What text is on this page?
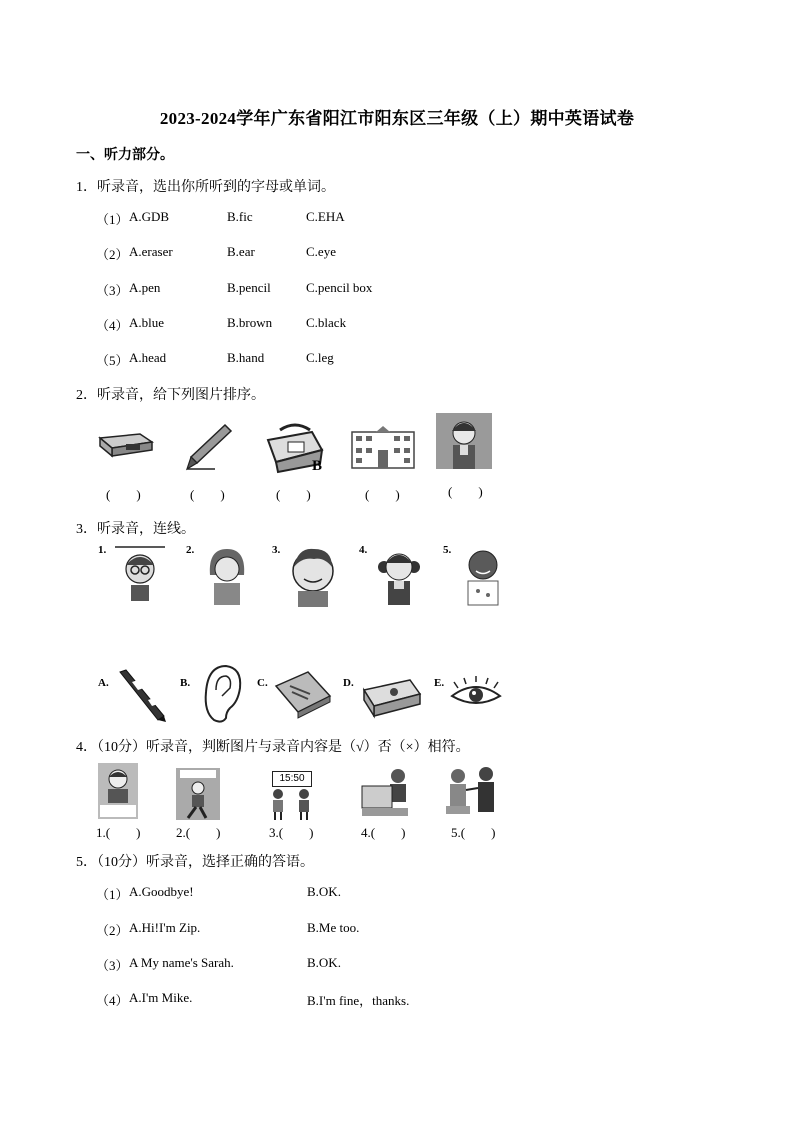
2023-2024学年广东省阳江市阳东区三年级（上）期中英语试卷
一、听力部分。
1．听录音，选出你所听到的字母或单词。
（1） A.GDB	B.fic	C.EHA
（2） A.eraser	B.ear	C.eye
（3） A.pen	B.pencil	C.pencil box
（4） A.blue	B.brown	C.black
（5） A.head	B.hand	C.leg
2．听录音，给下列图片排序。
B
(　　)	(　　)	(　　)	(　　)	(　　)
3．听录音，连线。
1.	2.	3.	4.	5.
A.	B.	C.	D.	E.
4．（10分）听录音，判断图片与录音内容是（√）否（×）相符。
15:50
1.(　　)	2.(　　)	3.(　　)	4.(　　)	5.(　　)
5．（10分）听录音，选择正确的答语。
（1） A.Goodbye!	B.OK.
（2） A.Hi!I'm Zip.	B.Me too.
（3） A My name's Sarah.	B.OK.
（4） A.I'm Mike.	B.I'm fine，thanks.
